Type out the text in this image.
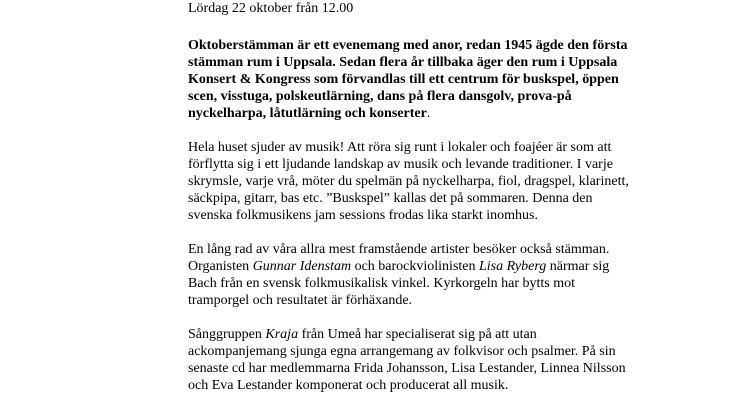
Lördag 22 oktober från 12.00

Oktoberstämman är ett evenemang med anor, redan 1945 ägde den första
stämman rum i Uppsala. Sedan flera år tillbaka äger den rum i Uppsala
Konsert & Kongress som förvandlas till ett centrum för buskspel, öppen
scen, visstuga, polskeutlärning, dans på flera dansgolv, prova-på
nyckelharpa, låtutlärning och konserter.

Hela huset sjuder av musik! Att röra sig runt i lokaler och foajéer är som att
förflytta sig i ett ljudande landskap av musik och levande traditioner. I varje
skrymsle, varje vrå, möter du spelmän på nyckelharpa, fiol, dragspel, klarinett,
säckpipa, gitarr, bas etc. ”Buskspel” kallas det på sommaren. Denna den
svenska folkmusikens jam sessions frodas lika starkt inomhus.

En lång rad av våra allra mest framstående artister besöker också stämman.
Organisten Gunnar Idenstam och barockviolinisten Lisa Ryberg närmar sig
Bach från en svensk folkmusikalisk vinkel. Kyrkorgeln har bytts mot
tramporgel och resultatet är förhäxande.

Sånggruppen Kraja från Umeå har specialiserat sig på att utan
ackompanjemang sjunga egna arrangemang av folkvisor och psalmer. På sin
senaste cd har medlemmarna Frida Johansson, Lisa Lestander, Linnea Nilsson
och Eva Lestander komponerat och producerat all musik.
